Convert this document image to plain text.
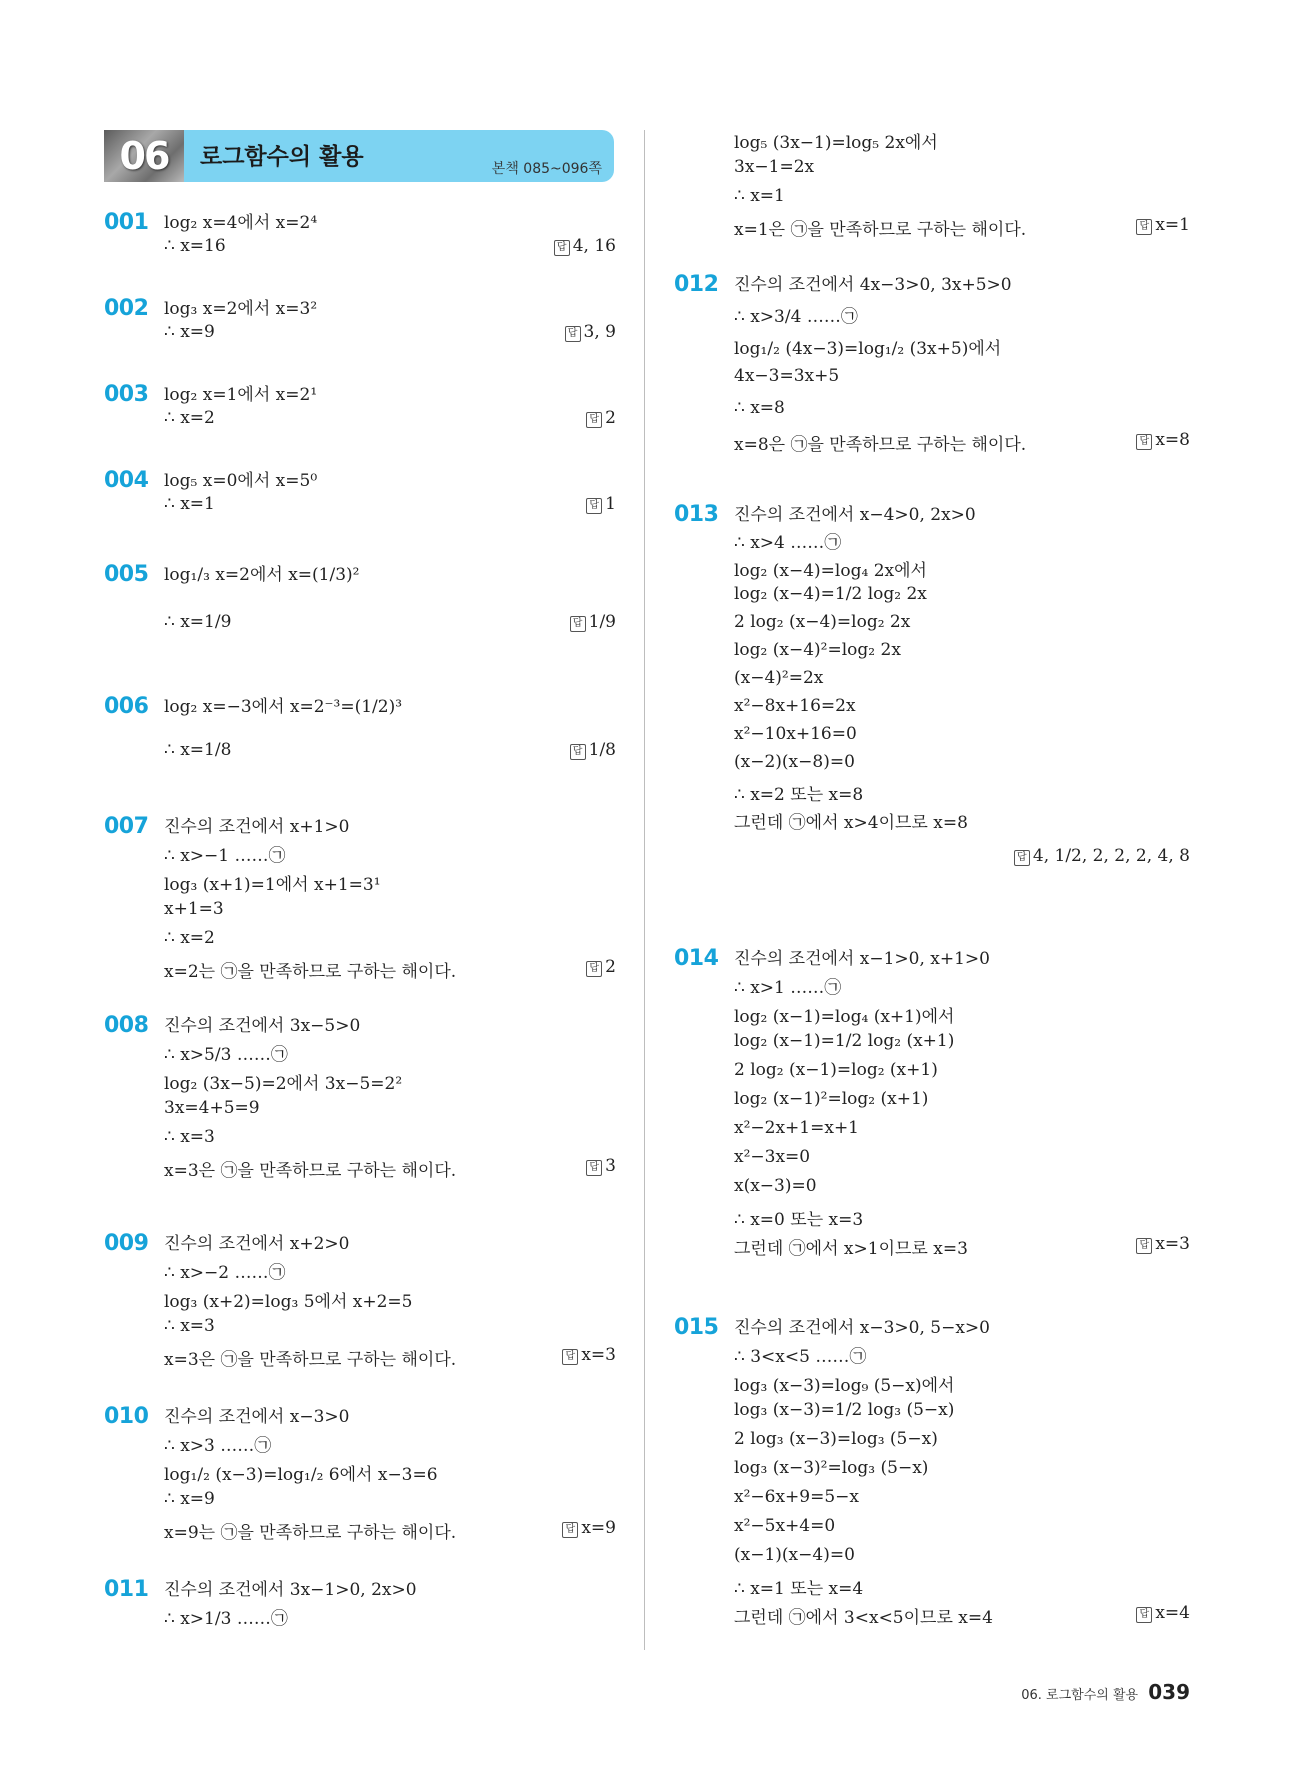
06	로그함수의 활용	본책 085~096쪽
001 log₂ x=4에서 x=2⁴
∴ x=16	답 4, 16
002 log₃ x=2에서 x=3²
∴ x=9	답 3, 9
003 log₂ x=1에서 x=2¹
∴ x=2	답 2
004 log₅ x=0에서 x=5⁰
∴ x=1	답 1
005 log₁/₃ x=2에서 x=(1/3)²
∴ x=1/9	답 1/9
006 log₂ x=−3에서 x=2⁻³=(1/2)³
∴ x=1/8	답 1/8
007 진수의 조건에서 x+1>0
∴ x>−1 ……㉠
log₃ (x+1)=1에서 x+1=3¹
x+1=3
∴ x=2
x=2는 ㉠을 만족하므로 구하는 해이다.	답 2
008 진수의 조건에서 3x−5>0
∴ x>5/3 ……㉠
log₂ (3x−5)=2에서 3x−5=2²
3x=4+5=9
∴ x=3
x=3은 ㉠을 만족하므로 구하는 해이다.	답 3
009 진수의 조건에서 x+2>0
∴ x>−2 ……㉠
log₃ (x+2)=log₃ 5에서 x+2=5
∴ x=3
x=3은 ㉠을 만족하므로 구하는 해이다.	답 x=3
010 진수의 조건에서 x−3>0
∴ x>3 ……㉠
log₁/₂ (x−3)=log₁/₂ 6에서 x−3=6
∴ x=9
x=9는 ㉠을 만족하므로 구하는 해이다.	답 x=9
011 진수의 조건에서 3x−1>0, 2x>0
∴ x>1/3 ……㉠
log₅ (3x−1)=log₅ 2x에서
3x−1=2x
∴ x=1
x=1은 ㉠을 만족하므로 구하는 해이다.	답 x=1
012 진수의 조건에서 4x−3>0, 3x+5>0
∴ x>3/4 ……㉠
log₁/₂ (4x−3)=log₁/₂ (3x+5)에서
4x−3=3x+5
∴ x=8
x=8은 ㉠을 만족하므로 구하는 해이다.	답 x=8
013 진수의 조건에서 x−4>0, 2x>0
∴ x>4 ……㉠
log₂ (x−4)=log₄ 2x에서
log₂ (x−4)=1/2 log₂ 2x
2 log₂ (x−4)=log₂ 2x
log₂ (x−4)²=log₂ 2x
(x−4)²=2x
x²−8x+16=2x
x²−10x+16=0
(x−2)(x−8)=0
∴ x=2 또는 x=8
그런데 ㉠에서 x>4이므로 x=8
답 4, 1/2, 2, 2, 2, 4, 8
014 진수의 조건에서 x−1>0, x+1>0
∴ x>1 ……㉠
log₂ (x−1)=log₄ (x+1)에서
log₂ (x−1)=1/2 log₂ (x+1)
2 log₂ (x−1)=log₂ (x+1)
log₂ (x−1)²=log₂ (x+1)
x²−2x+1=x+1
x²−3x=0
x(x−3)=0
∴ x=0 또는 x=3
그런데 ㉠에서 x>1이므로 x=3	답 x=3
015 진수의 조건에서 x−3>0, 5−x>0
∴ 3<x<5 ……㉠
log₃ (x−3)=log₉ (5−x)에서
log₃ (x−3)=1/2 log₃ (5−x)
2 log₃ (x−3)=log₃ (5−x)
log₃ (x−3)²=log₃ (5−x)
x²−6x+9=5−x
x²−5x+4=0
(x−1)(x−4)=0
∴ x=1 또는 x=4
그런데 ㉠에서 3<x<5이므로 x=4	답 x=4
06. 로그함수의 활용 039
